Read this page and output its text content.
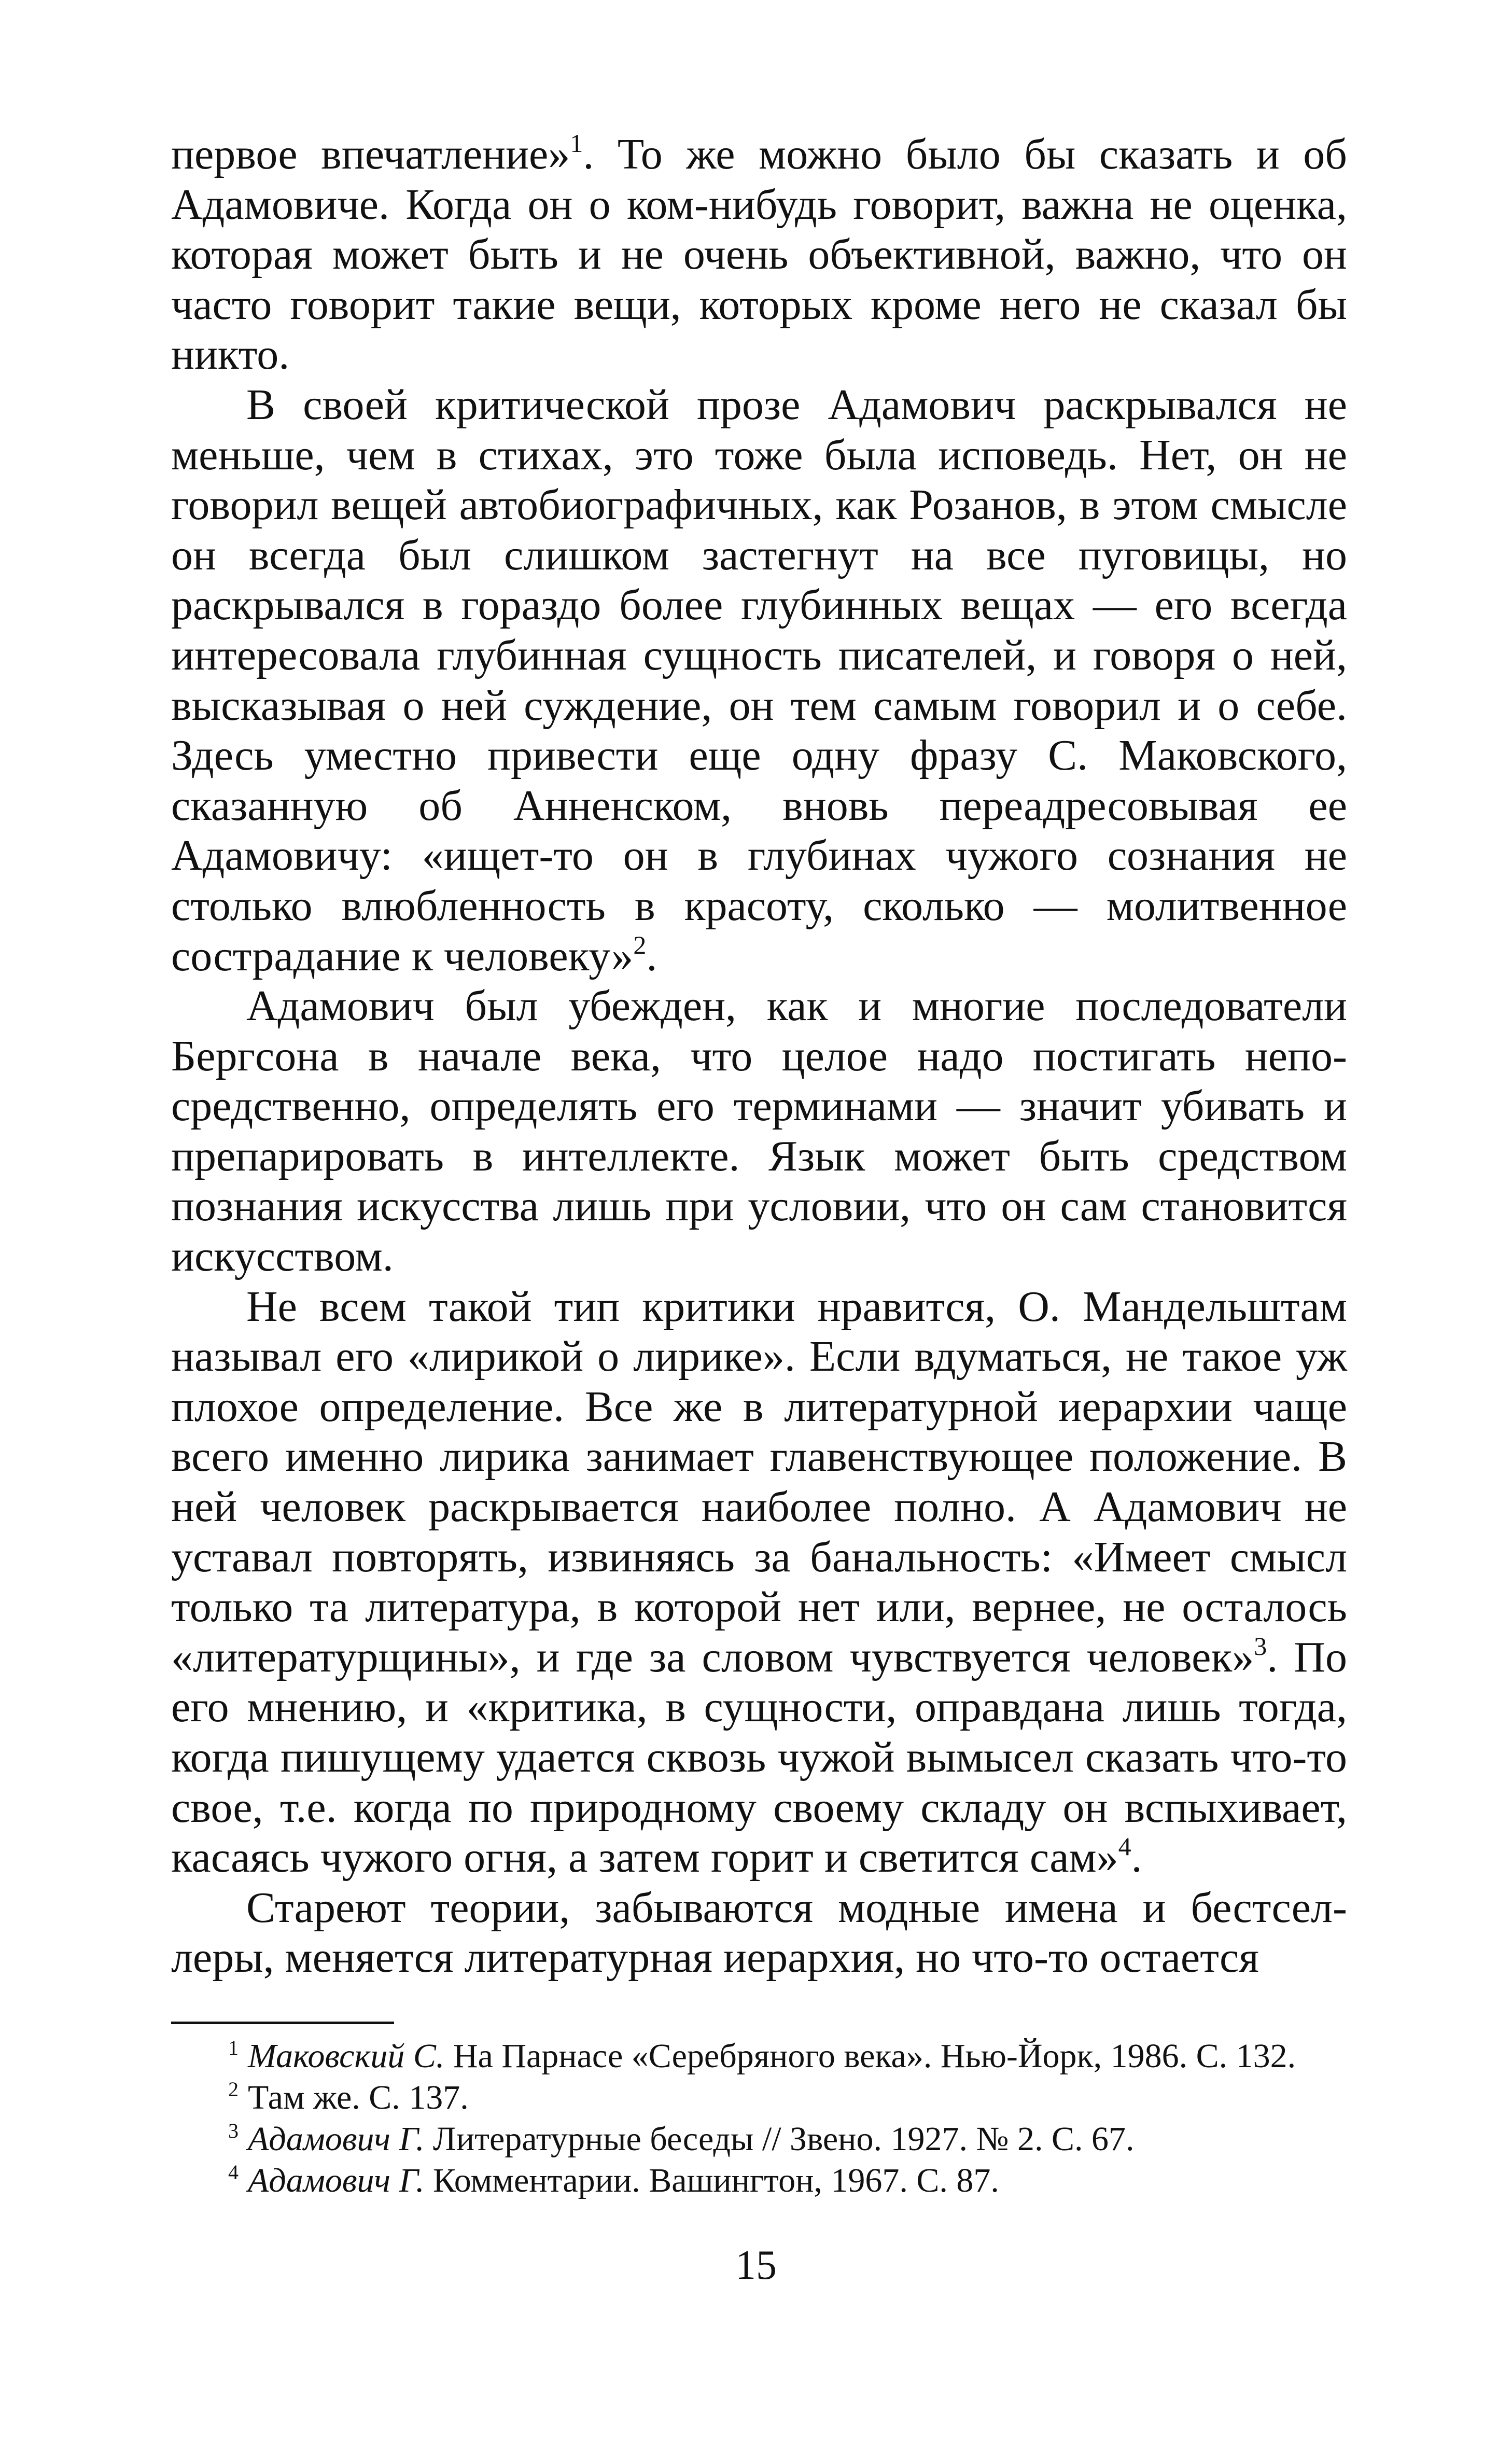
первое впечатление»$^1$. То же можно было бы сказать и об Адамовиче. Когда он о ком-нибудь говорит, важна не оценка, которая может быть и не очень объективной, важно, что он часто говорит такие вещи, которых кроме него не сказал бы никто.

В своей критической прозе Адамович раскрывался не меньше, чем в стихах, это тоже была исповедь. Нет, он не говорил вещей автобиографичных, как Розанов, в этом смысле он всегда был слишком застегнут на все пуговицы, но раскрывался в гораздо более глубинных вещах — его всегда интересовала глубинная сущность писателей, и говоря о ней, высказывая о ней суждение, он тем самым говорил и о себе. Здесь уместно привести еще одну фразу С. Маковского, сказанную об Анненском, вновь переадресовывая ее Адамовичу: «ищет-то он в глубинах чужого сознания не столько влюбленность в красоту, сколько — молитвенное сострадание к человеку»$^2$.

Адамович был убежден, как и многие последователи Бергсона в начале века, что целое надо постигать непосредственно, определять его терминами — значит убивать и препарировать в интеллекте. Язык может быть средством познания искусства лишь при условии, что он сам становится искусством.

Не всем такой тип критики нравится, О. Мандельштам называл его «лирикой о лирике». Если вдуматься, не такое уж плохое определение. Все же в литературной иерархии чаще всего именно лирика занимает главенствующее положение. В ней человек раскрывается наиболее полно. А Адамович не уставал повторять, извиняясь за банальность: «Имеет смысл только та литература, в которой нет или, вернее, не осталось «литературщины», и где за словом чувствуется человек»$^3$. По его мнению, и «критика, в сущности, оправдана лишь тогда, когда пишущему удается сквозь чужой вымысел сказать что-то свое, т.е. когда по природному своему складу он вспыхивает, касаясь чужого огня, а затем горит и светится сам»$^4$.

Стареют теории, забываются модные имена и бестселлеры, меняется литературная иерархия, но что-то остается

$^1$ Маковский С. На Парнасе «Серебряного века». Нью-Йорк, 1986. С. 132.

$^2$ Там же. С. 137.

$^3$ Адамович Г. Литературные беседы // Звено. 1927. № 2. С. 67.

$^4$ Адамович Г. Комментарии. Вашингтон, 1967. С. 87.

15
